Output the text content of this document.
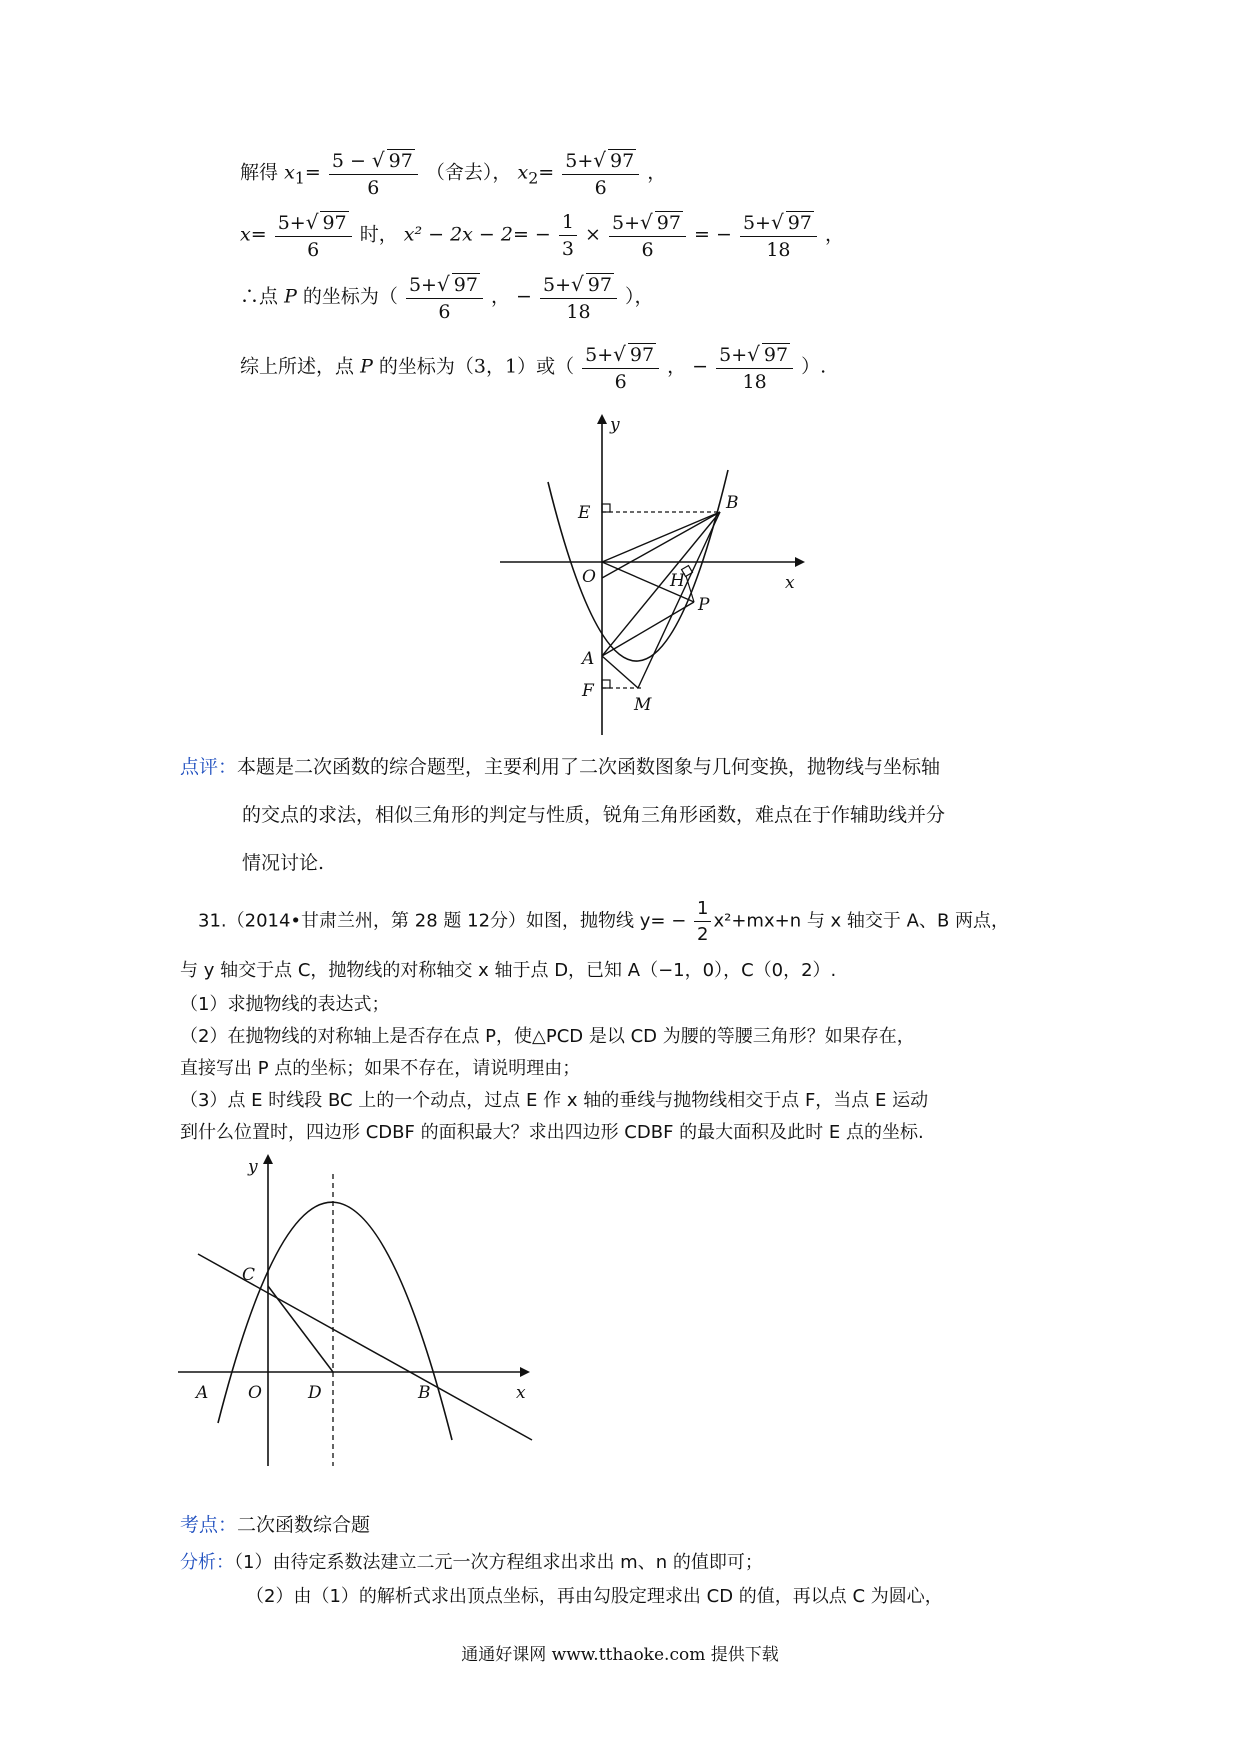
解得 $x_1= \frac{5 - √ 97}{6}$ （舍去）， $x_2= \frac{5+√ 97}{6}$ ，
$x= \frac{5+√ 97}{6}$ 时， $x^2 - 2x - 2= - \frac{1}{3} \times \frac{5+√ 97}{6}$ = − $\frac{5+√ 97}{18}$ ，
∴点 P 的坐标为（ $\frac{5+√ 97}{6}$ ， − $\frac{5+√ 97}{18}$ ），
综上所述，点 P 的坐标为（3，1）或（ $\frac{5+√ 97}{6}$ ， − $\frac{5+√ 97}{18}$ ）.
y
x
E	B
O	H
P
A
F
M
点评：本题是二次函数的综合题型，主要利用了二次函数图象与几何变换，抛物线与坐标轴
的交点的求法，相似三角形的判定与性质，锐角三角形函数，难点在于作辅助线并分
情况讨论.
31.（2014•甘肃兰州，第 28 题 12分）如图，抛物线 $y= - \frac{1}{2} x^2+mx+n$ 与 x 轴交于 A、B 两点，
与 y 轴交于点 C，抛物线的对称轴交 x 轴于点 D，已知 A（−1，0），C（0，2）.
（1）求抛物线的表达式；
（2）在抛物线的对称轴上是否存在点 P，使△PCD 是以 CD 为腰的等腰三角形？如果存在，
直接写出 P 点的坐标；如果不存在，请说明理由；
（3）点 E 时线段 BC 上的一个动点，过点 E 作 x 轴的垂线与抛物线相交于点 F，当点 E 运动
到什么位置时，四边形 CDBF 的面积最大？求出四边形 CDBF 的最大面积及此时 E 点的坐标.
y
C
A O	D	B	x
考点：二次函数综合题
分析：（1）由待定系数法建立二元一次方程组求出求出 m、n 的值即可；
（2）由（1）的解析式求出顶点坐标，再由勾股定理求出 CD 的值，再以点 C 为圆心，
通通好课网 www.tthaoke.com 提供下载
